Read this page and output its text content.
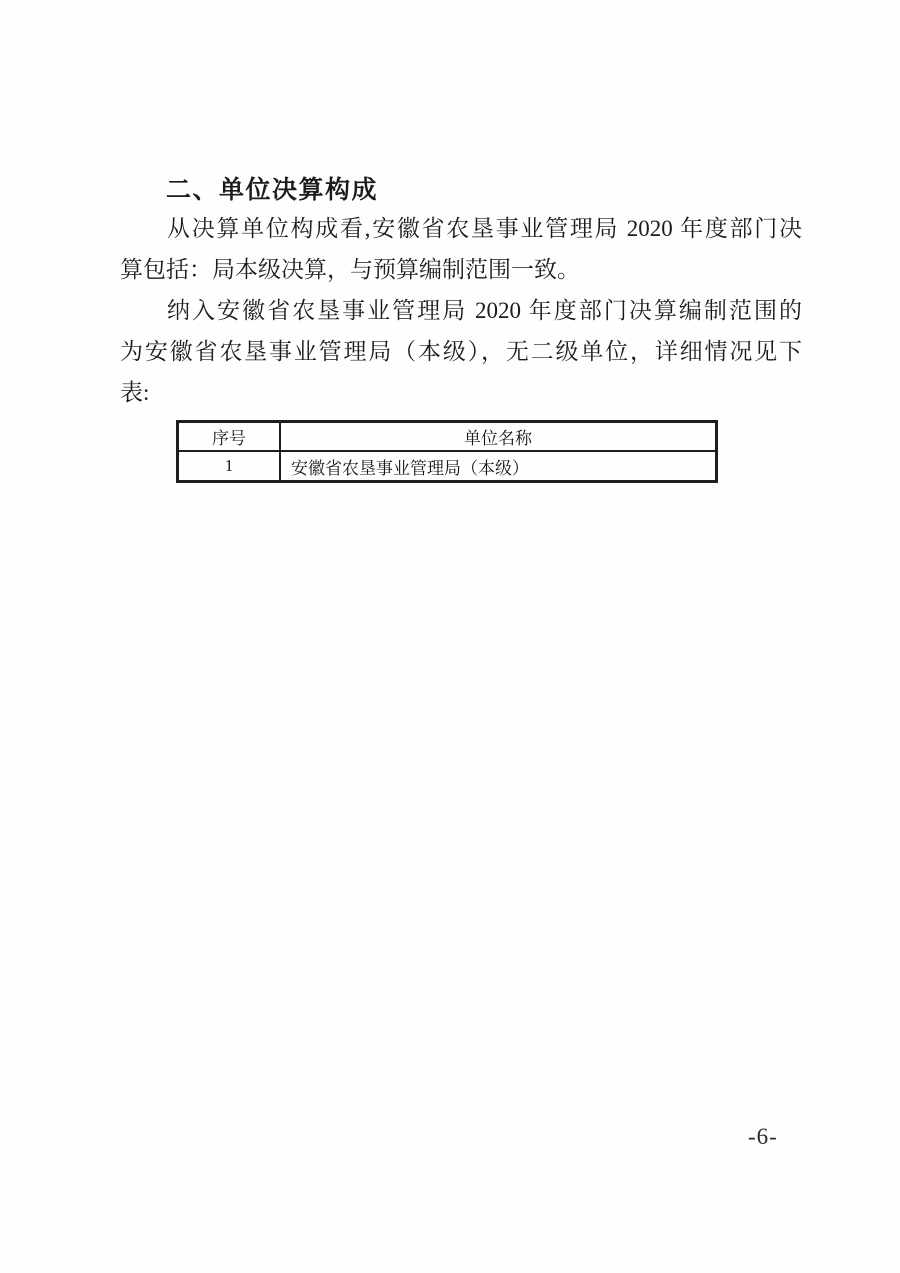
二、单位决算构成
从决算单位构成看,安徽省农垦事业管理局 2020 年度部门决
算包括：局本级决算，与预算编制范围一致。
纳入安徽省农垦事业管理局 2020 年度部门决算编制范围的
为安徽省农垦事业管理局（本级），无二级单位，详细情况见下
表:
序号	单位名称
1	安徽省农垦事业管理局（本级）
-6-
